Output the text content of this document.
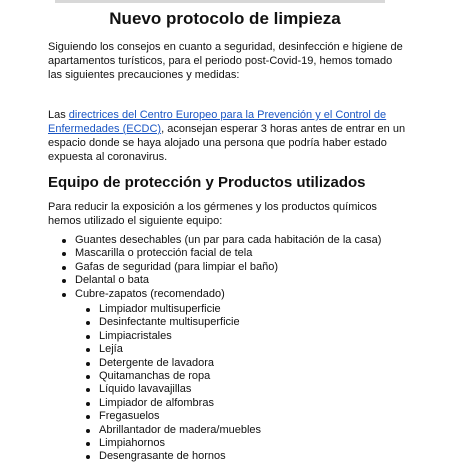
Nuevo protocolo de limpieza
Siguiendo los consejos en cuanto a seguridad, desinfección e higiene de apartamentos turísticos, para el periodo post-Covid-19, hemos tomado las siguientes precauciones y medidas:
Las directrices del Centro Europeo para la Prevención y el Control de Enfermedades (ECDC), aconsejan esperar 3 horas antes de entrar en un espacio donde se haya alojado una persona que podría haber estado expuesta al coronavirus.
Equipo de protección y Productos utilizados
Para reducir la exposición a los gérmenes y los productos químicos hemos utilizado el siguiente equipo:
Guantes desechables (un par para cada habitación de la casa)
Mascarilla o protección facial de tela
Gafas de seguridad (para limpiar el baño)
Delantal o bata
Cubre-zapatos (recomendado)
Limpiador multisuperficie
Desinfectante multisuperficie
Limpiacristales
Lejía
Detergente de lavadora
Quitamanchas de ropa
Líquido lavavajillas
Limpiador de alfombras
Fregasuelos
Abrillantador de madera/muebles
Limpiahornos
Desengrasante de hornos
